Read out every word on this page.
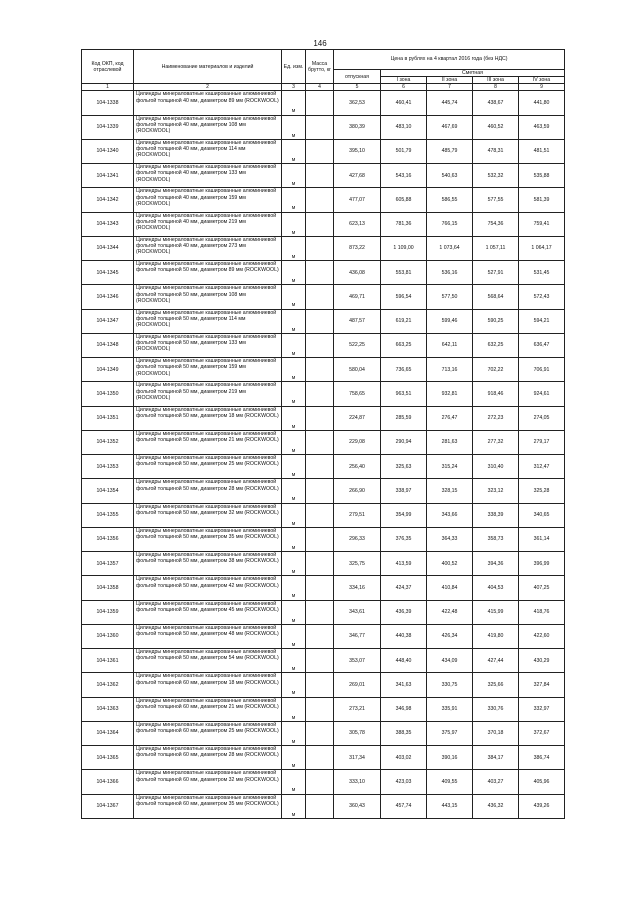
146
Код ОКП, код отраслевой	Наименование материалов и изделий	Ед. изм.	Масса брутто, кг	Цена в рублях на 4 квартал 2016 года (без НДС)				
				отпускная	Сметная			
					I зона	II зона	III зона	IV зона
1	2	3	4	5	6	7	8	9
104-1338	Цилиндры минераловатные кашированные алюминиевой фольгой толщиной 40 мм, диаметром 89 мм (ROCKWOOL)	м		362,53	460,41	445,74	438,67	441,80
104-1339	Цилиндры минераловатные кашированные алюминиевой фольгой толщиной 40 мм, диаметром 108 мм (ROCKWOOL)	м		380,39	483,10	467,69	460,52	463,59
104-1340	Цилиндры минераловатные кашированные алюминиевой фольгой толщиной 40 мм, диаметром 114 мм (ROCKWOOL)	м		395,10	501,79	485,79	478,31	481,51
104-1341	Цилиндры минераловатные кашированные алюминиевой фольгой толщиной 40 мм, диаметром 133 мм (ROCKWOOL)	м		427,68	543,16	540,63	532,32	535,88
104-1342	Цилиндры минераловатные кашированные алюминиевой фольгой толщиной 40 мм, диаметром 159 мм (ROCKWOOL)	м		477,07	605,88	586,55	577,55	581,39
104-1343	Цилиндры минераловатные кашированные алюминиевой фольгой толщиной 40 мм, диаметром 219 мм (ROCKWOOL)	м		623,13	781,36	766,15	754,36	759,41
104-1344	Цилиндры минераловатные кашированные алюминиевой фольгой толщиной 40 мм, диаметром 273 мм (ROCKWOOL)	м		873,22	1 109,00	1 073,64	1 057,11	1 064,17
104-1345	Цилиндры минераловатные кашированные алюминиевой фольгой толщиной 50 мм, диаметром 89 мм (ROCKWOOL)	м		436,08	553,81	536,16	527,91	531,45
104-1346	Цилиндры минераловатные кашированные алюминиевой фольгой толщиной 50 мм, диаметром 108 мм (ROCKWOOL)	м		469,71	596,54	577,50	568,64	572,43
104-1347	Цилиндры минераловатные кашированные алюминиевой фольгой толщиной 50 мм, диаметром 114 мм (ROCKWOOL)	м		487,57	619,21	599,46	590,25	594,21
104-1348	Цилиндры минераловатные кашированные алюминиевой фольгой толщиной 50 мм, диаметром 133 мм (ROCKWOOL)	м		522,25	663,25	642,11	632,25	636,47
104-1349	Цилиндры минераловатные кашированные алюминиевой фольгой толщиной 50 мм, диаметром 159 мм (ROCKWOOL)	м		580,04	736,65	713,16	702,22	706,91
104-1350	Цилиндры минераловатные кашированные алюминиевой фольгой толщиной 50 мм, диаметром 219 мм (ROCKWOOL)	м		758,65	963,51	932,81	918,46	924,61
104-1351	Цилиндры минераловатные кашированные алюминиевой фольгой толщиной 50 мм, диаметром 18 мм (ROCKWOOL)	м		224,87	285,59	276,47	272,23	274,05
104-1352	Цилиндры минераловатные кашированные алюминиевой фольгой толщиной 50 мм, диаметром 21 мм (ROCKWOOL)	м		229,08	290,94	281,63	277,32	279,17
104-1353	Цилиндры минераловатные кашированные алюминиевой фольгой толщиной 50 мм, диаметром 25 мм (ROCKWOOL)	м		256,40	325,63	315,24	310,40	312,47
104-1354	Цилиндры минераловатные кашированные алюминиевой фольгой толщиной 50 мм, диаметром 28 мм (ROCKWOOL)	м		266,90	338,97	328,15	323,12	325,28
104-1355	Цилиндры минераловатные кашированные алюминиевой фольгой толщиной 50 мм, диаметром 32 мм (ROCKWOOL)	м		279,51	354,99	343,66	338,39	340,65
104-1356	Цилиндры минераловатные кашированные алюминиевой фольгой толщиной 50 мм, диаметром 35 мм (ROCKWOOL)	м		296,33	376,35	364,33	358,73	361,14
104-1357	Цилиндры минераловатные кашированные алюминиевой фольгой толщиной 50 мм, диаметром 38 мм (ROCKWOOL)	м		325,75	413,59	400,52	394,36	396,99
104-1358	Цилиндры минераловатные кашированные алюминиевой фольгой толщиной 50 мм, диаметром 42 мм (ROCKWOOL)	м		334,16	424,37	410,84	404,53	407,25
104-1359	Цилиндры минераловатные кашированные алюминиевой фольгой толщиной 50 мм, диаметром 45 мм (ROCKWOOL)	м		343,61	436,39	422,48	415,99	418,76
104-1360	Цилиндры минераловатные кашированные алюминиевой фольгой толщиной 50 мм, диаметром 48 мм (ROCKWOOL)	м		346,77	440,38	426,34	419,80	422,60
104-1361	Цилиндры минераловатные кашированные алюминиевой фольгой толщиной 50 мм, диаметром 54 мм (ROCKWOOL)	м		353,07	448,40	434,09	427,44	430,29
104-1362	Цилиндры минераловатные кашированные алюминиевой фольгой толщиной 60 мм, диаметром 18 мм (ROCKWOOL)	м		269,01	341,63	330,75	325,66	327,84
104-1363	Цилиндры минераловатные кашированные алюминиевой фольгой толщиной 60 мм, диаметром 21 мм (ROCKWOOL)	м		273,21	346,98	335,91	330,76	332,97
104-1364	Цилиндры минераловатные кашированные алюминиевой фольгой толщиной 60 мм, диаметром 25 мм (ROCKWOOL)	м		305,78	388,35	375,97	370,18	372,67
104-1365	Цилиндры минераловатные кашированные алюминиевой фольгой толщиной 60 мм, диаметром 28 мм (ROCKWOOL)	м		317,34	403,02	390,16	384,17	386,74
104-1366	Цилиндры минераловатные кашированные алюминиевой фольгой толщиной 60 мм, диаметром 32 мм (ROCKWOOL)	м		333,10	423,03	409,55	403,27	405,96
104-1367	Цилиндры минераловатные кашированные алюминиевой фольгой толщиной 60 мм, диаметром 35 мм (ROCKWOOL)	м		360,43	457,74	443,15	436,32	439,26
